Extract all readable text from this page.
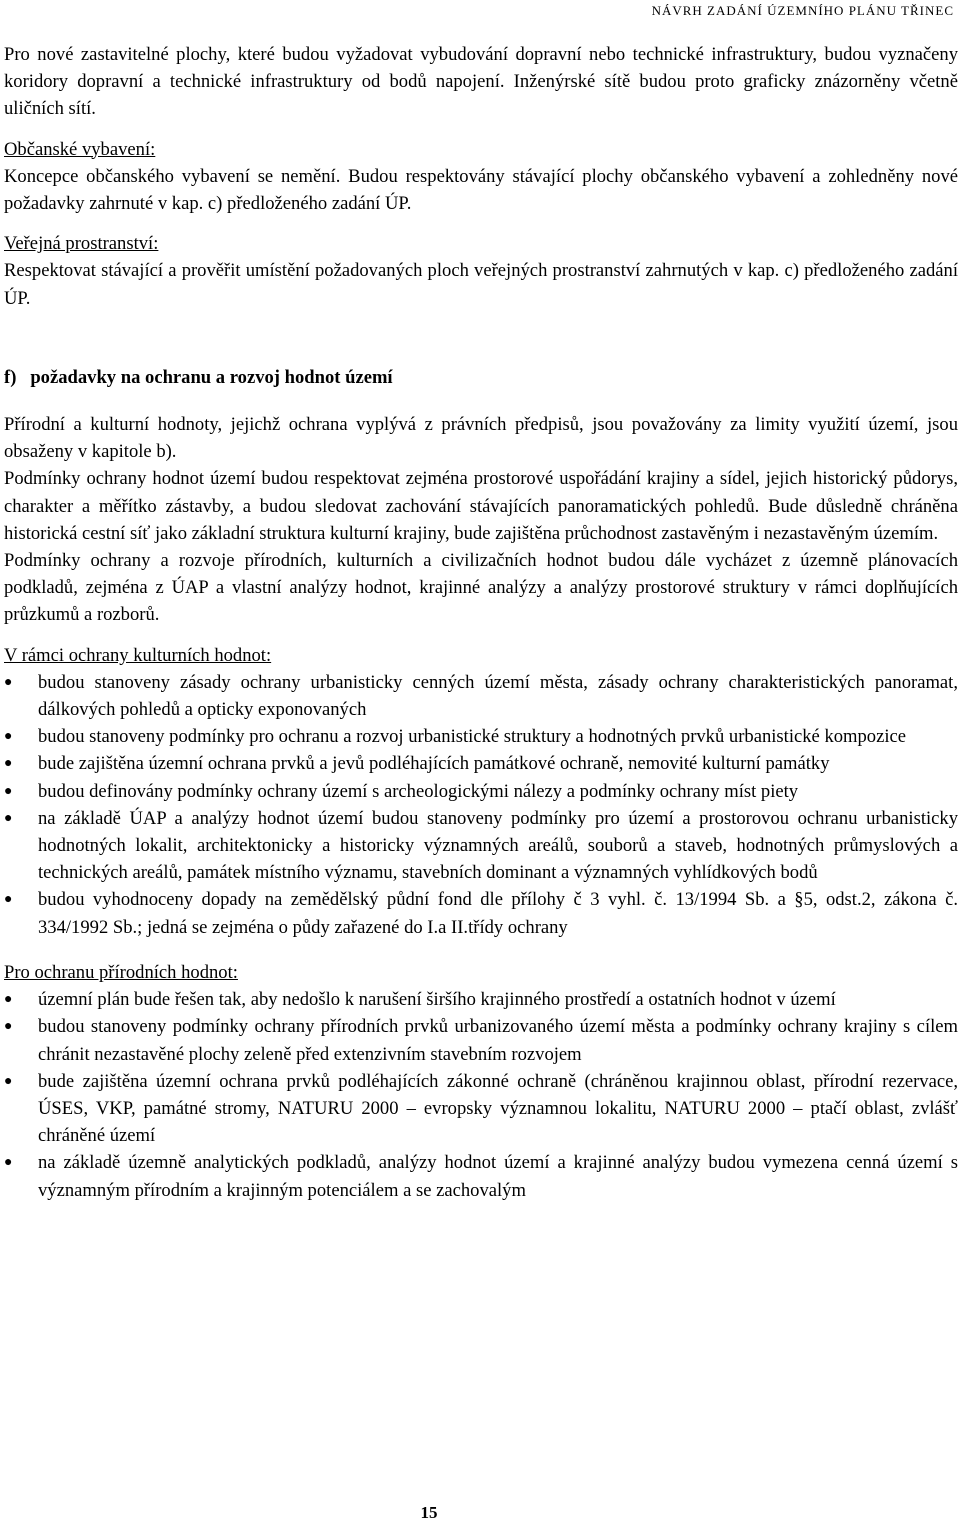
NÁVRH ZADÁNÍ ÚZEMNÍHO PLÁNU TŘINEC

Pro nové zastavitelné plochy, které budou vyžadovat vybudování dopravní nebo technické infrastruktury, budou vyznačeny koridory dopravní a technické infrastruktury od bodů napojení. Inženýrské sítě budou proto graficky znázorněny včetně uličních sítí.

Občanské vybavení:

Koncepce občanského vybavení se nemění. Budou respektovány stávající plochy občanského vybavení a zohledněny nové požadavky zahrnuté v kap. c) předloženého zadání ÚP.

Veřejná prostranství:

Respektovat stávající a prověřit umístění požadovaných ploch veřejných prostranství zahrnutých v kap. c) předloženého zadání ÚP.

f)   požadavky na ochranu a rozvoj hodnot území

Přírodní a kulturní hodnoty, jejichž ochrana vyplývá z právních předpisů, jsou považovány za limity využití území, jsou obsaženy v kapitole b).

Podmínky ochrany hodnot území budou respektovat zejména prostorové uspořádání krajiny a sídel, jejich historický půdorys, charakter a měřítko zástavby, a budou sledovat zachování stávajících panoramatických pohledů. Bude důsledně chráněna historická cestní síť jako základní struktura kulturní krajiny, bude zajištěna průchodnost zastavěným i nezastavěným územím.

Podmínky ochrany a rozvoje přírodních, kulturních a civilizačních hodnot budou dále vycházet z územně plánovacích podkladů, zejména z ÚAP a vlastní analýzy hodnot, krajinné analýzy a analýzy prostorové struktury v rámci doplňujících průzkumů a rozborů.

V rámci ochrany kulturních hodnot:

● budou stanoveny zásady ochrany urbanisticky cenných území města, zásady ochrany charakteristických panoramat, dálkových pohledů a opticky exponovaných
● budou stanoveny podmínky pro ochranu a rozvoj urbanistické struktury a hodnotných prvků urbanistické kompozice
● bude zajištěna územní ochrana prvků a jevů podléhajících památkové ochraně, nemovité kulturní památky
● budou definovány podmínky ochrany území s archeologickými nálezy a podmínky ochrany míst piety
● na základě ÚAP a analýzy hodnot území budou stanoveny podmínky pro území a prostorovou ochranu urbanisticky hodnotných lokalit, architektonicky a historicky významných areálů, souborů a staveb, hodnotných průmyslových a technických areálů, památek místního významu, stavebních dominant a významných vyhlídkových bodů
● budou vyhodnoceny dopady na zemědělský půdní fond dle přílohy č 3 vyhl. č. 13/1994 Sb. a §5, odst.2, zákona č. 334/1992 Sb.; jedná se zejména o půdy zařazené do I.a II.třídy ochrany

Pro ochranu přírodních hodnot:

● územní plán bude řešen tak, aby nedošlo k narušení širšího krajinného prostředí a ostatních hodnot v území
● budou stanoveny podmínky ochrany přírodních prvků urbanizovaného území města a podmínky ochrany krajiny s cílem chránit nezastavěné plochy zeleně před extenzivním stavebním rozvojem
● bude zajištěna územní ochrana prvků podléhajících zákonné ochraně (chráněnou krajinnou oblast, přírodní rezervace, ÚSES, VKP, památné stromy, NATURU 2000 – evropsky významnou lokalitu, NATURU 2000 – ptačí oblast, zvlášť chráněné území
● na základě územně analytických podkladů, analýzy hodnot území a krajinné analýzy budou vymezena cenná území s významným přírodním a krajinným potenciálem a se zachovalým
15
